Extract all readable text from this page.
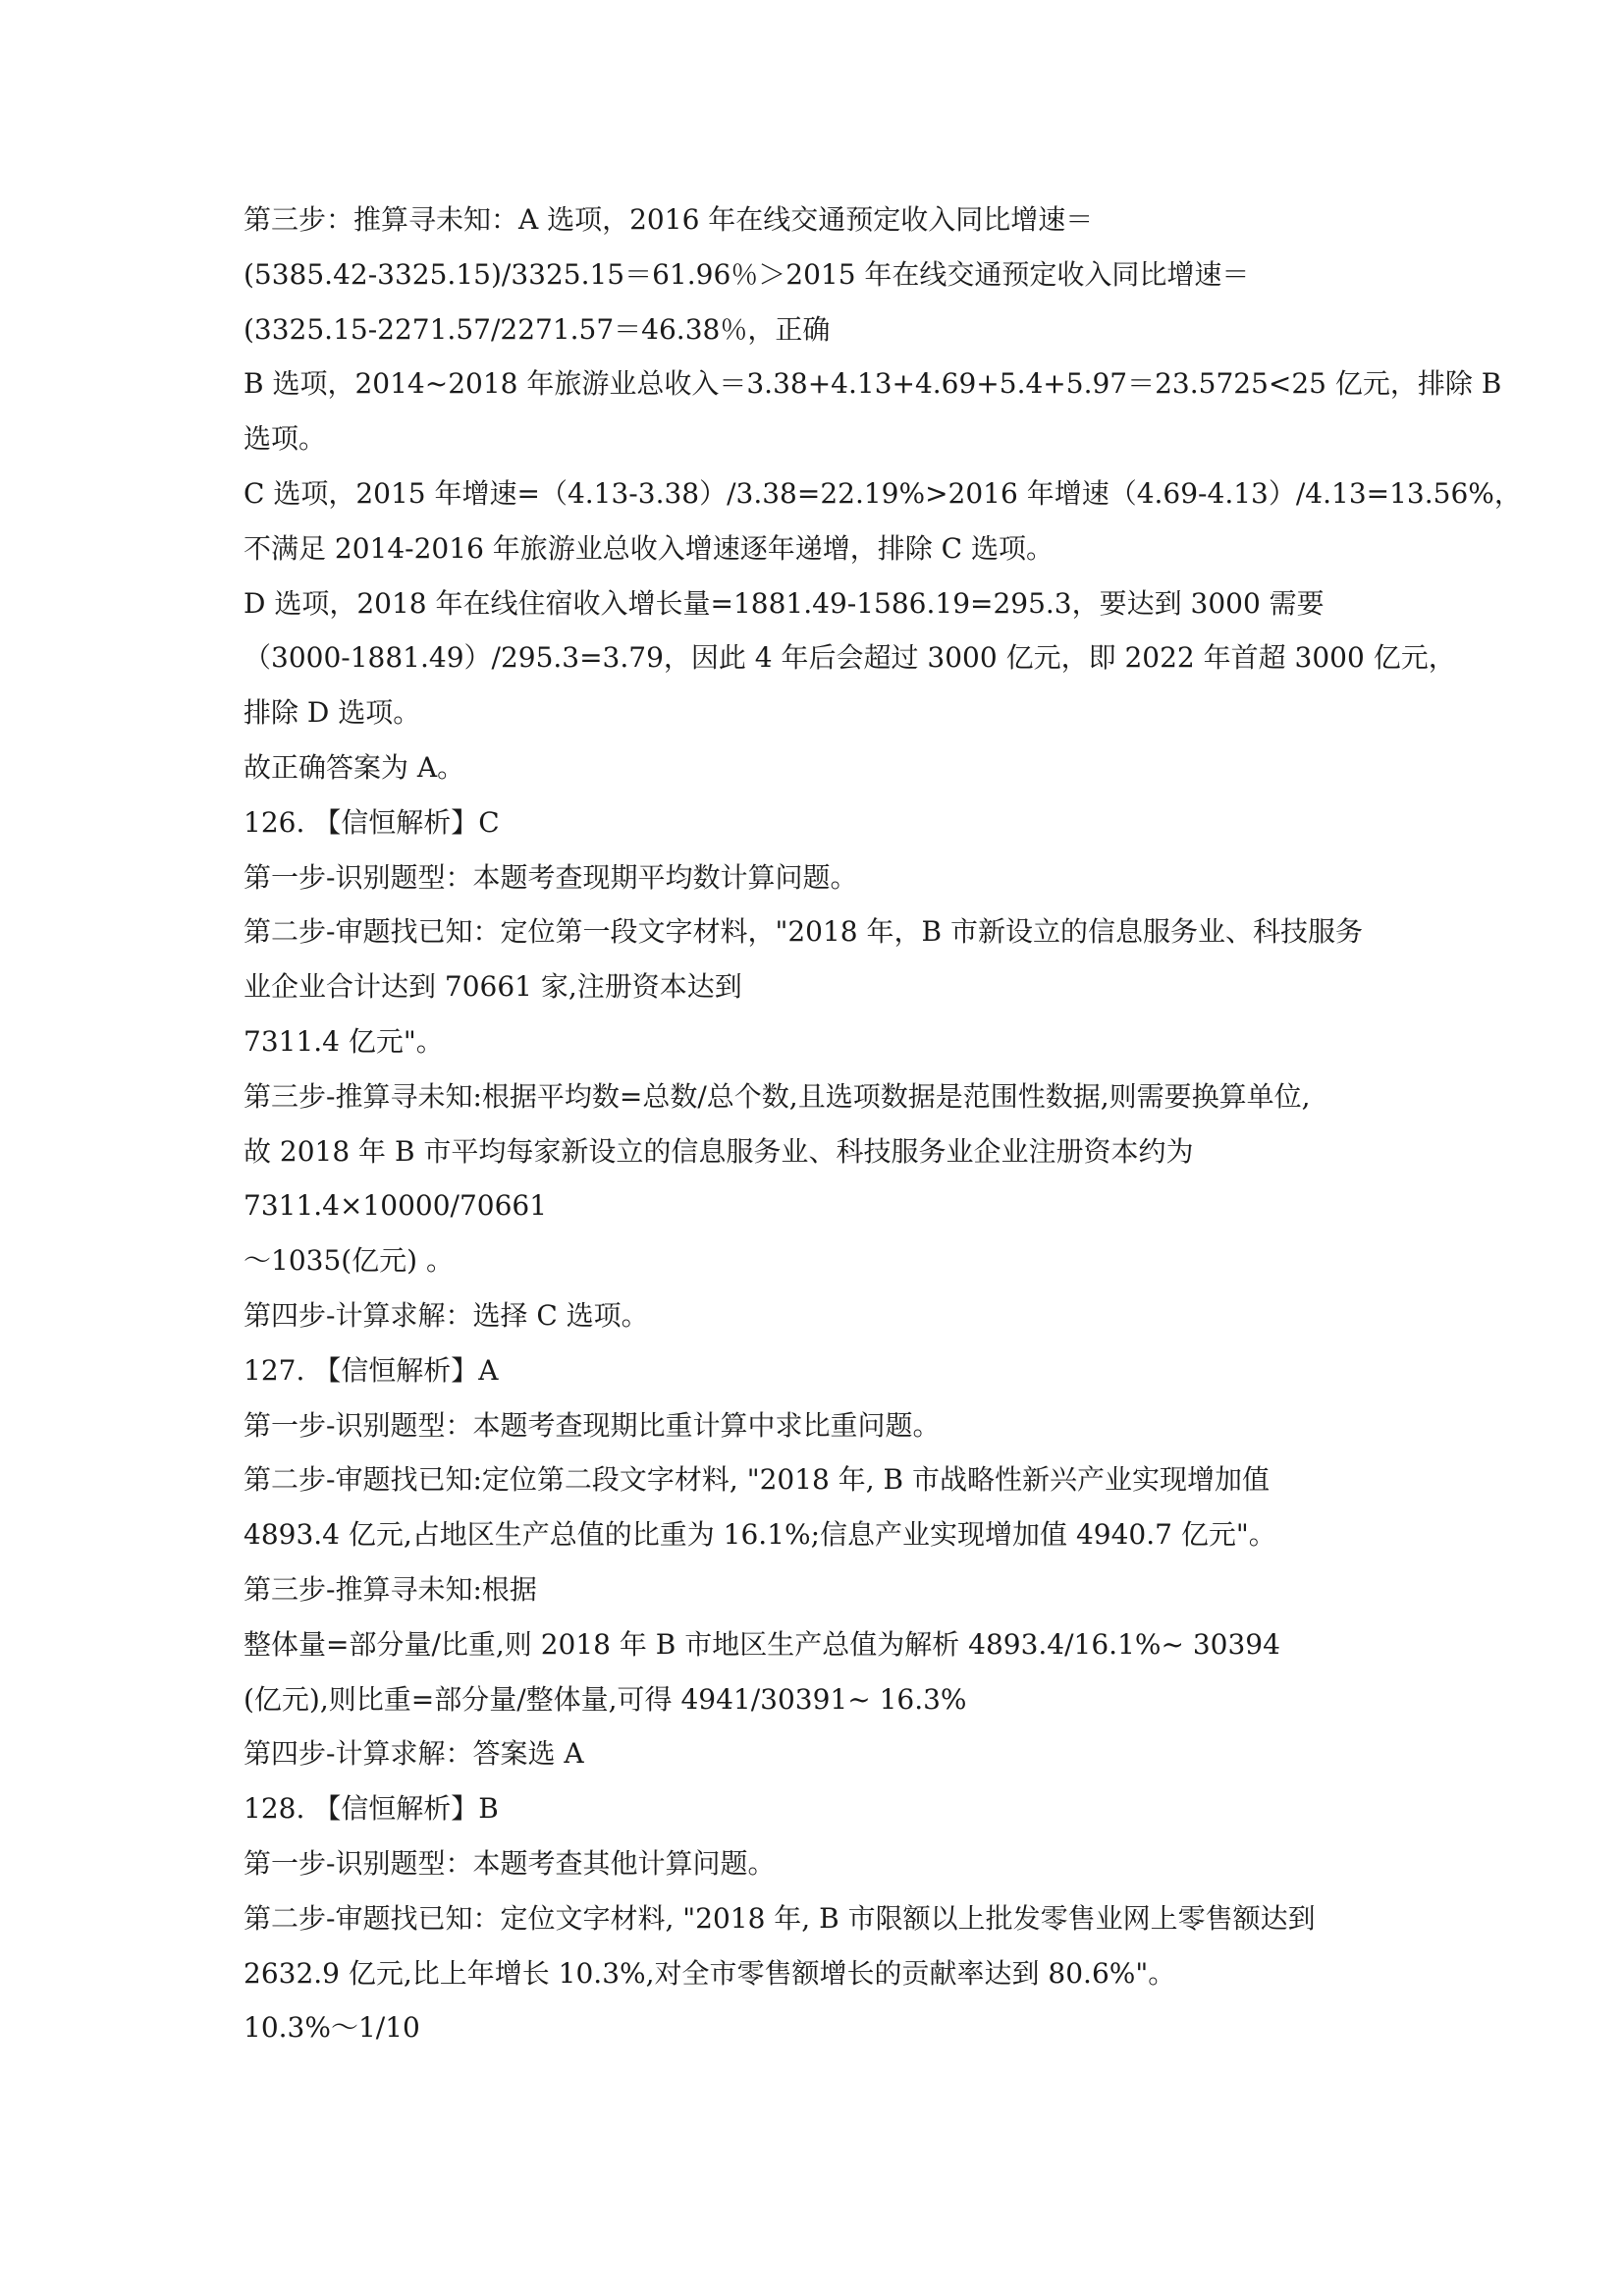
第三步：推算寻未知：A 选项，2016 年在线交通预定收入同比增速＝
(5385.42-3325.15)/3325.15＝61.96％＞2015 年在线交通预定收入同比增速＝
(3325.15-2271.57/2271.57＝46.38％，正确
B 选项，2014~2018 年旅游业总收入＝3.38+4.13+4.69+5.4+5.97＝23.5725<25 亿元，排除 B
选项。
C 选项，2015 年增速=（4.13-3.38）/3.38=22.19%>2016 年增速（4.69-4.13）/4.13=13.56%，
不满足 2014-2016 年旅游业总收入增速逐年递增，排除 C 选项。
D 选项，2018 年在线住宿收入增长量=1881.49-1586.19=295.3，要达到 3000 需要
（3000-1881.49）/295.3=3.79，因此 4 年后会超过 3000 亿元，即 2022 年首超 3000 亿元，
排除 D 选项。
故正确答案为 A。
126. 【信恒解析】C
第一步-识别题型：本题考查现期平均数计算问题。
第二步-审题找已知：定位第一段文字材料，"2018 年，B 市新设立的信息服务业、科技服务
业企业合计达到 70661 家,注册资本达到
7311.4 亿元"。
第三步-推算寻未知:根据平均数=总数/总个数,且选项数据是范围性数据,则需要换算单位,
故 2018 年 B 市平均每家新设立的信息服务业、科技服务业企业注册资本约为
7311.4×10000/70661
～1035(亿元) 。
第四步-计算求解：选择 C 选项。
127. 【信恒解析】A
第一步-识别题型：本题考查现期比重计算中求比重问题。
第二步-审题找已知:定位第二段文字材料, "2018 年, B 市战略性新兴产业实现增加值
4893.4 亿元,占地区生产总值的比重为 16.1%;信息产业实现增加值 4940.7 亿元"。
第三步-推算寻未知:根据
整体量=部分量/比重,则 2018 年 B 市地区生产总值为解析 4893.4/16.1%~ 30394
(亿元),则比重=部分量/整体量,可得 4941/30391~ 16.3%
第四步-计算求解：答案选 A
128. 【信恒解析】B
第一步-识别题型：本题考查其他计算问题。
第二步-审题找已知：定位文字材料, "2018 年, B 市限额以上批发零售业网上零售额达到
2632.9 亿元,比上年增长 10.3%,对全市零售额增长的贡献率达到 80.6%"。
10.3%～1/10
